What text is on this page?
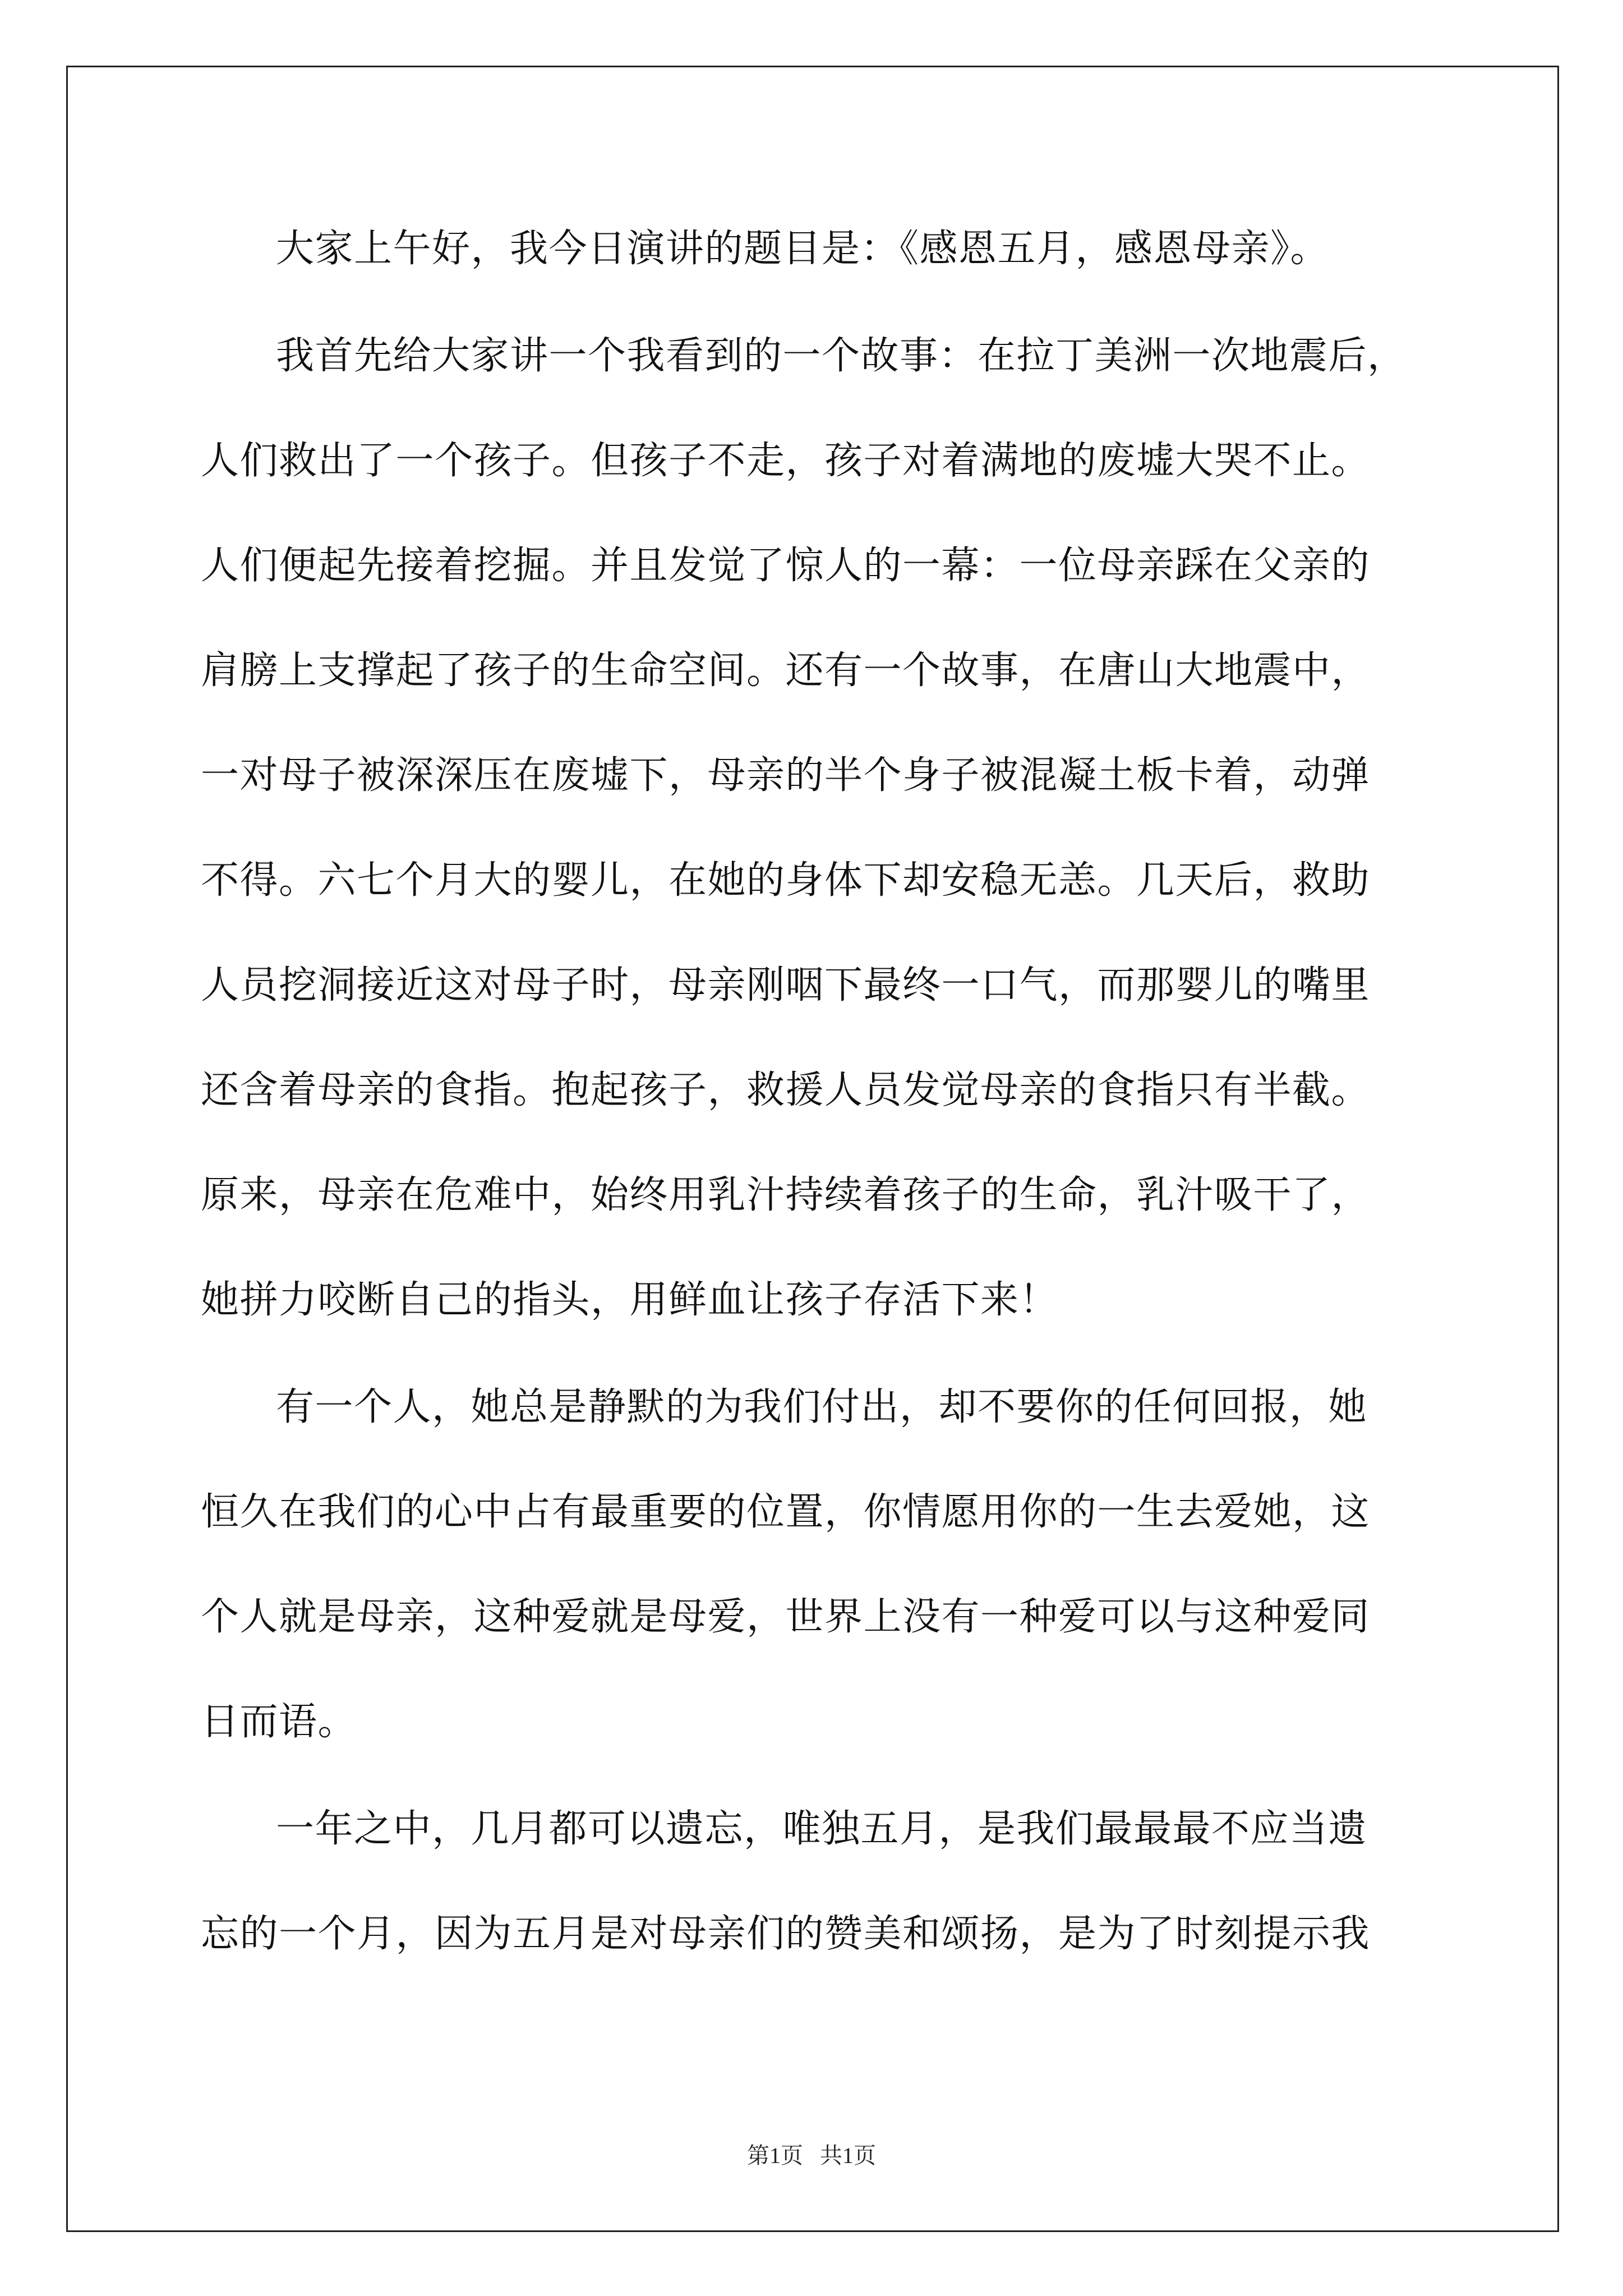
大家上午好，我今日演讲的题目是：《感恩五月，感恩母亲》。
我首先给大家讲一个我看到的一个故事：在拉丁美洲一次地震后，
人们救出了一个孩子。但孩子不走，孩子对着满地的废墟大哭不止。
人们便起先接着挖掘。并且发觉了惊人的一幕：一位母亲踩在父亲的
肩膀上支撑起了孩子的生命空间。还有一个故事，在唐山大地震中，
一对母子被深深压在废墟下，母亲的半个身子被混凝土板卡着，动弹
不得。六七个月大的婴儿，在她的身体下却安稳无恙。几天后，救助
人员挖洞接近这对母子时，母亲刚咽下最终一口气，而那婴儿的嘴里
还含着母亲的食指。抱起孩子，救援人员发觉母亲的食指只有半截。
原来，母亲在危难中，始终用乳汁持续着孩子的生命，乳汁吸干了，
她拼力咬断自己的指头，用鲜血让孩子存活下来！
有一个人，她总是静默的为我们付出，却不要你的任何回报，她
恒久在我们的心中占有最重要的位置，你情愿用你的一生去爱她，这
个人就是母亲，这种爱就是母爱，世界上没有一种爱可以与这种爱同
日而语。
一年之中，几月都可以遗忘，唯独五月，是我们最最最不应当遗
忘的一个月，因为五月是对母亲们的赞美和颂扬，是为了时刻提示我
第1页   共1页
